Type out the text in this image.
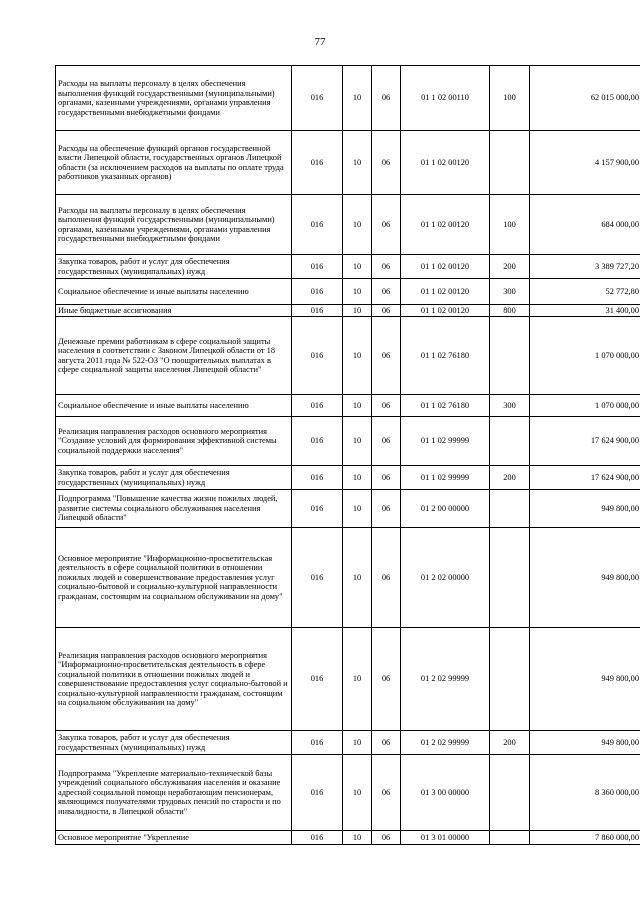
77
Расходы на выплаты персоналу в целях обеспечения выполнения функций государственными (муниципальными) органами, казенными учреждениями, органами управления государственными внебюджетными фондами	016	10	06	01 1 02 00110	100	62 015 000,00
Расходы на обеспечение функций органов государственной власти Липецкой области, государственных органов Липецкой области (за исключением расходов на выплаты по оплате труда работников указанных органов)	016	10	06	01 1 02 00120		4 157 900,00
Расходы на выплаты персоналу в целях обеспечения выполнения функций государственными (муниципальными) органами, казенными учреждениями, органами управления государственными внебюджетными фондами	016	10	06	01 1 02 00120	100	684 000,00
Закупка товаров, работ и услуг для обеспечения государственных (муниципальных) нужд	016	10	06	01 1 02 00120	200	3 389 727,20
Социальное обеспечение и иные выплаты населению	016	10	06	01 1 02 00120	300	52 772,80
Иные бюджетные ассигнования	016	10	06	01 1 02 00120	800	31 400,00
Денежные премии работникам в сфере социальной защиты населения в соответствии с Законом Липецкой области от 18 августа 2011 года № 522-ОЗ "О поощрительных выплатах в сфере социальной защиты населения Липецкой области"	016	10	06	01 1 02 76180		1 070 000,00
Социальное обеспечение и иные выплаты населению	016	10	06	01 1 02 76180	300	1 070 000,00
Реализация направления расходов основного мероприятия "Создание условий для формирования эффективной системы социальной поддержки населения"	016	10	06	01 1 02 99999		17 624 900,00
Закупка товаров, работ и услуг для обеспечения государственных (муниципальных) нужд	016	10	06	01 1 02 99999	200	17 624 900,00
Подпрограмма "Повышение качества жизни пожилых людей, развитие системы социального обслуживания населения Липецкой области"	016	10	06	01 2 00 00000		949 800,00
Основное мероприятие "Информационно-просветительская деятельность в сфере социальной политики в отношении пожилых людей и совершенствование предоставления услуг социально-бытовой и социально-культурной направленности гражданам, состоящим на социальном обслуживании на дому"	016	10	06	01 2 02 00000		949 800,00
Реализация направления расходов основного мероприятия "Информационно-просветительская деятельность в сфере социальной политики в отношении пожилых людей и совершенствование предоставления услуг социально-бытовой и социально-культурной направленности гражданам, состоящим на социальном обслуживании на дому"	016	10	06	01 2 02 99999		949 800,00
Закупка товаров, работ и услуг для обеспечения государственных (муниципальных) нужд	016	10	06	01 2 02 99999	200	949 800,00
Подпрограмма "Укрепление материально-технической базы учреждений социального обслуживания населения и оказание адресной социальной помощи неработающим пенсионерам, являющимся получателями трудовых пенсий по старости и по инвалидности, в Липецкой области"	016	10	06	01 3 00 00000		8 360 000,00
Основное мероприятие "Укрепление	016	10	06	01 3 01 00000		7 860 000,00
